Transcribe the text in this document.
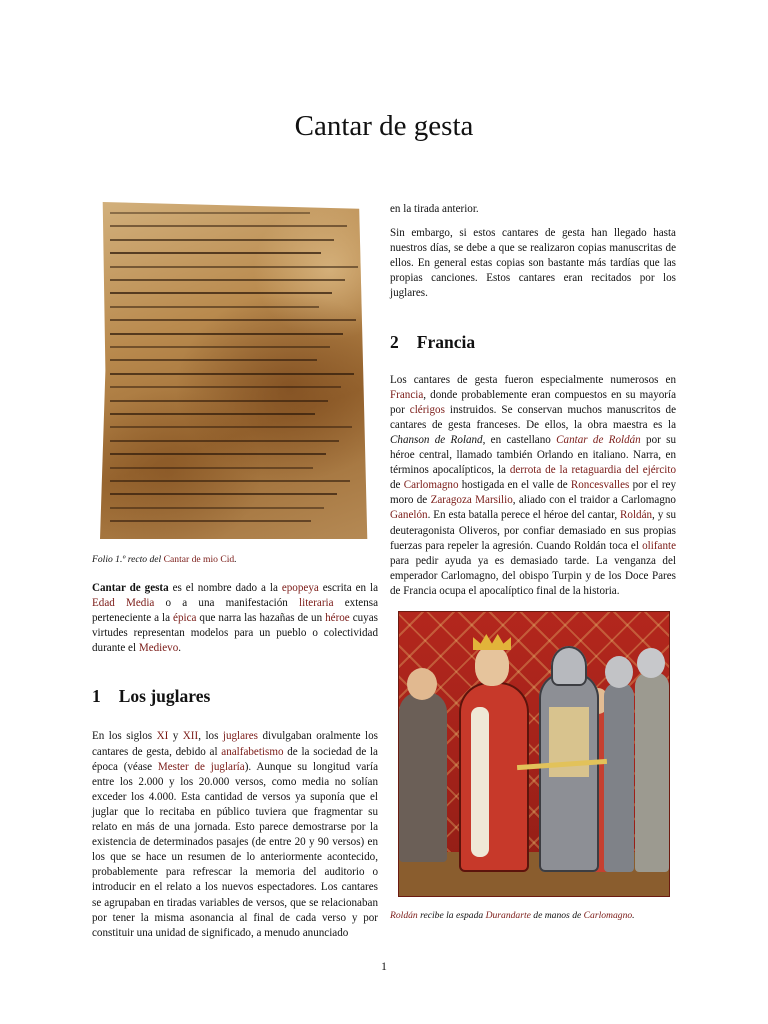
Cantar de gesta

Folio 1.º recto del Cantar de mio Cid.

Cantar de gesta es el nombre dado a la epopeya escrita en la Edad Media o a una manifestación literaria extensa perteneciente a la épica que narra las hazañas de un héroe cuyas virtudes representan modelos para un pueblo o colectividad durante el Medievo.

1 Los juglares

En los siglos XI y XII, los juglares divulgaban oralmente los cantares de gesta, debido al analfabetismo de la sociedad de la época (véase Mester de juglaría). Aunque su longitud varía entre los 2.000 y los 20.000 versos, como media no solían exceder los 4.000. Esta cantidad de versos ya suponía que el juglar que lo recitaba en público tuviera que fragmentar su relato en más de una jornada. Esto parece demostrarse por la existencia de determinados pasajes (de entre 20 y 90 versos) en los que se hace un resumen de lo anteriormente acontecido, probablemente para refrescar la memoria del auditorio o introducir en el relato a los nuevos espectadores. Los cantares se agrupaban en tiradas variables de versos, que se relacionaban por tener la misma asonancia al final de cada verso y por constituir una unidad de significado, a menudo anunciado

en la tirada anterior.

Sin embargo, si estos cantares de gesta han llegado hasta nuestros días, se debe a que se realizaron copias manuscritas de ellos. En general estas copias son bastante más tardías que las propias canciones. Estos cantares eran recitados por los juglares.

2 Francia

Los cantares de gesta fueron especialmente numerosos en Francia, donde probablemente eran compuestos en su mayoría por clérigos instruidos. Se conservan muchos manuscritos de cantares de gesta franceses. De ellos, la obra maestra es la Chanson de Roland, en castellano Cantar de Roldán por su héroe central, llamado también Orlando en italiano. Narra, en términos apocalípticos, la derrota de la retaguardia del ejército de Carlomagno hostigada en el valle de Roncesvalles por el rey moro de Zaragoza Marsilio, aliado con el traidor a Carlomagno Ganelón. En esta batalla perece el héroe del cantar, Roldán, y su deuteragonista Oliveros, por confiar demasiado en sus propias fuerzas para repeler la agresión. Cuando Roldán toca el olifante para pedir ayuda ya es demasiado tarde. La venganza del emperador Carlomagno, del obispo Turpin y de los Doce Pares de Francia ocupa el apocalíptico final de la historia.

Roldán recibe la espada Durandarte de manos de Carlomagno.

1
